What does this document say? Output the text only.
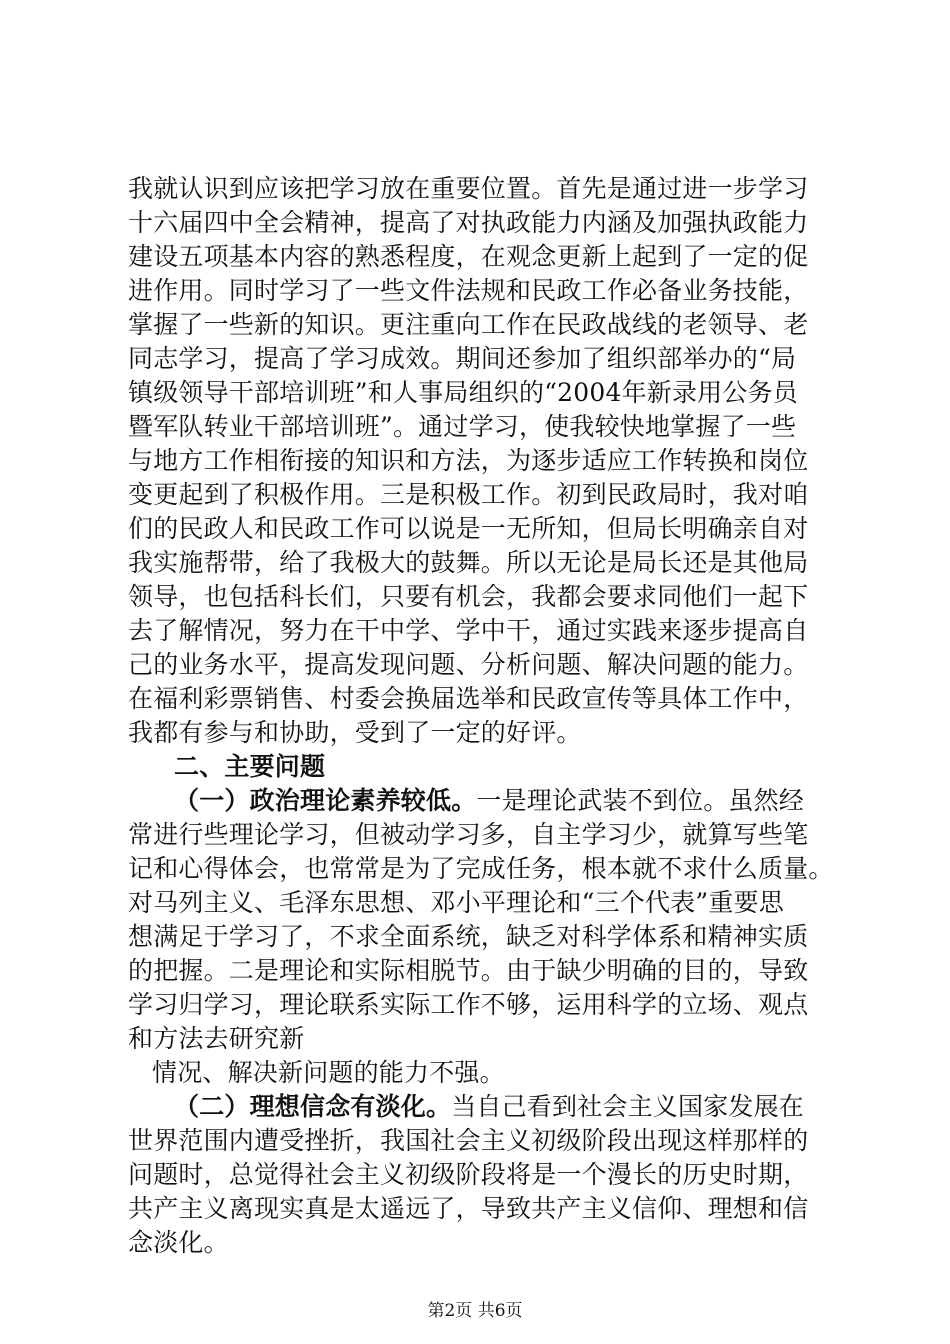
我就认识到应该把学习放在重要位置。首先是通过进一步学习
十六届四中全会精神，提高了对执政能力内涵及加强执政能力
建设五项基本内容的熟悉程度，在观念更新上起到了一定的促
进作用。同时学习了一些文件法规和民政工作必备业务技能，
掌握了一些新的知识。更注重向工作在民政战线的老领导、老
同志学习，提高了学习成效。期间还参加了组织部举办的“局
镇级领导干部培训班”和人事局组织的“2004年新录用公务员
暨军队转业干部培训班”。通过学习，使我较快地掌握了一些
与地方工作相衔接的知识和方法，为逐步适应工作转换和岗位
变更起到了积极作用。三是积极工作。初到民政局时，我对咱
们的民政人和民政工作可以说是一无所知，但局长明确亲自对
我实施帮带，给了我极大的鼓舞。所以无论是局长还是其他局
领导，也包括科长们，只要有机会，我都会要求同他们一起下
去了解情况，努力在干中学、学中干，通过实践来逐步提高自
己的业务水平，提高发现问题、分析问题、解决问题的能力。
在福利彩票销售、村委会换届选举和民政宣传等具体工作中，
我都有参与和协助，受到了一定的好评。
二、主要问题
（一）政治理论素养较低。一是理论武装不到位。虽然经
常进行些理论学习，但被动学习多，自主学习少，就算写些笔
记和心得体会，也常常是为了完成任务，根本就不求什么质量。
对马列主义、毛泽东思想、邓小平理论和“三个代表”重要思
想满足于学习了，不求全面系统，缺乏对科学体系和精神实质
的把握。二是理论和实际相脱节。由于缺少明确的目的，导致
学习归学习，理论联系实际工作不够，运用科学的立场、观点
和方法去研究新
情况、解决新问题的能力不强。
（二）理想信念有淡化。当自己看到社会主义国家发展在
世界范围内遭受挫折，我国社会主义初级阶段出现这样那样的
问题时，总觉得社会主义初级阶段将是一个漫长的历史时期，
共产主义离现实真是太遥远了，导致共产主义信仰、理想和信
念淡化。
第2页 共6页
